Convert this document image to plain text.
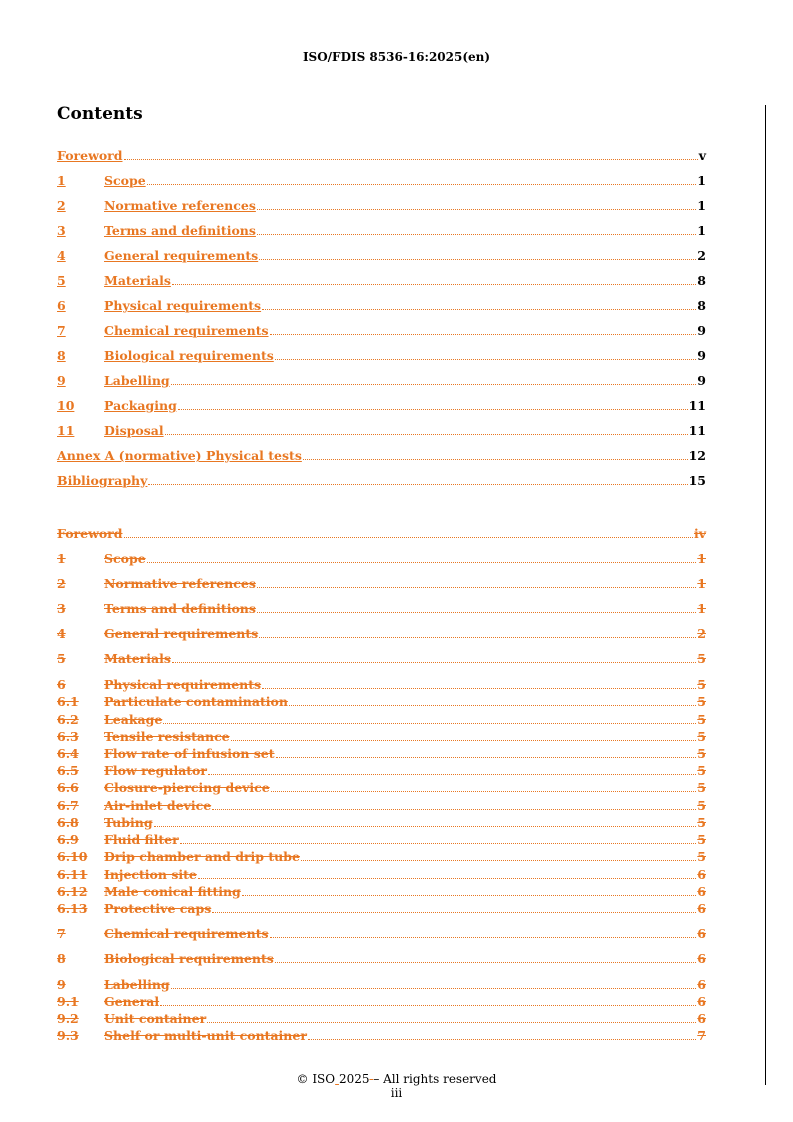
ISO/FDIS 8536-16:2025(en)
Contents
Foreword	v
1	Scope	1
2	Normative references	1
3	Terms and definitions	1
4	General requirements	2
5	Materials	8
6	Physical requirements	8
7	Chemical requirements	9
8	Biological requirements	9
9	Labelling	9
10	Packaging	11
11	Disposal	11
Annex A (normative) Physical tests	12
Bibliography	15
Foreword	iv
1	Scope	1
2	Normative references	1
3	Terms and definitions	1
4	General requirements	2
5	Materials	5
6	Physical requirements	5
6.1	Particulate contamination	5
6.2	Leakage	5
6.3	Tensile resistance	5
6.4	Flow rate of infusion set	5
6.5	Flow regulator	5
6.6	Closure-piercing device	5
6.7	Air-inlet device	5
6.8	Tubing	5
6.9	Fluid filter	5
6.10	Drip chamber and drip tube	5
6.11	Injection site	6
6.12	Male conical fitting	6
6.13	Protective caps	6
7	Chemical requirements	6
8	Biological requirements	6
9	Labelling	6
9.1	General	6
9.2	Unit container	6
9.3	Shelf or multi-unit container	7
© ISO 2025 – All rights reserved
iii
